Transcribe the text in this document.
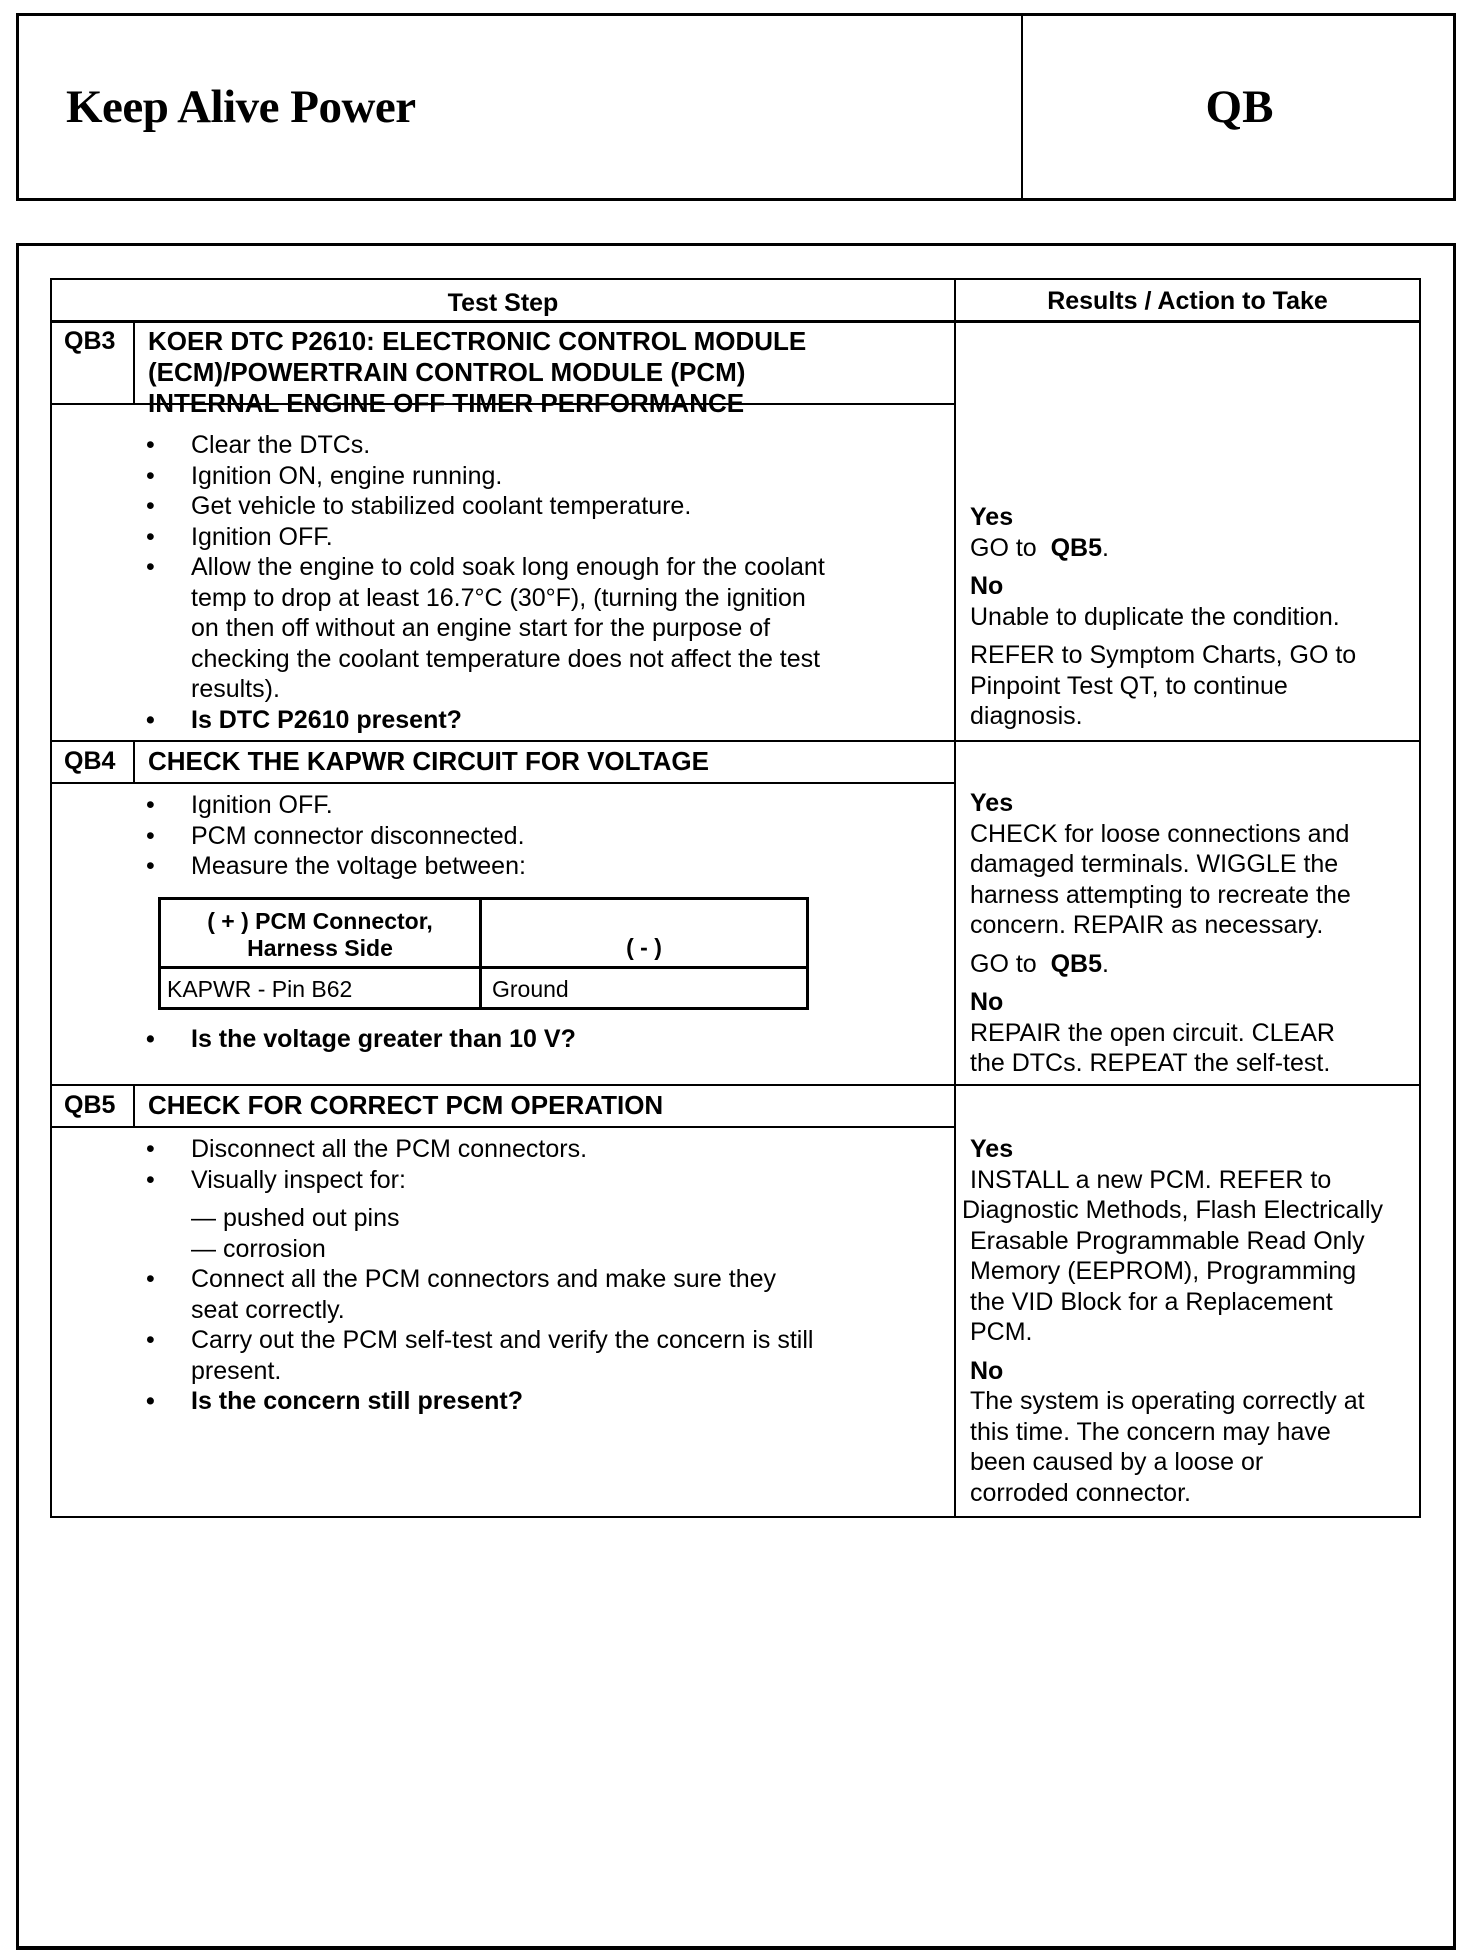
Keep Alive Power	QB
Test Step	Results / Action to Take
QB3 KOER DTC P2610: ELECTRONIC CONTROL MODULE
(ECM)/POWERTRAIN CONTROL MODULE (PCM)
INTERNAL ENGINE OFF TIMER PERFORMANCE
• Clear the DTCs.
• Ignition ON, engine running.
• Get vehicle to stabilized coolant temperature.
• Ignition OFF.
• Allow the engine to cold soak long enough for the coolant
temp to drop at least 16.7°C (30°F), (turning the ignition
on then off without an engine start for the purpose of
checking the coolant temperature does not affect the test
results).
• Is DTC P2610 present?
Yes
GO to QB5.
No
Unable to duplicate the condition.
REFER to Symptom Charts, GO to
Pinpoint Test QT, to continue
diagnosis.
QB4 CHECK THE KAPWR CIRCUIT FOR VOLTAGE
• Ignition OFF.
• PCM connector disconnected.
• Measure the voltage between:
( + ) PCM Connector,
Harness Side	( - )
KAPWR - Pin B62	Ground
• Is the voltage greater than 10 V?
Yes
CHECK for loose connections and
damaged terminals. WIGGLE the
harness attempting to recreate the
concern. REPAIR as necessary.
GO to QB5.
No
REPAIR the open circuit. CLEAR
the DTCs. REPEAT the self-test.
QB5 CHECK FOR CORRECT PCM OPERATION
• Disconnect all the PCM connectors.
• Visually inspect for:
— pushed out pins
— corrosion
• Connect all the PCM connectors and make sure they
seat correctly.
• Carry out the PCM self-test and verify the concern is still
present.
• Is the concern still present?
Yes
INSTALL a new PCM. REFER to
Diagnostic Methods, Flash Electrically
Erasable Programmable Read Only
Memory (EEPROM), Programming
the VID Block for a Replacement
PCM.
No
The system is operating correctly at
this time. The concern may have
been caused by a loose or
corroded connector.
